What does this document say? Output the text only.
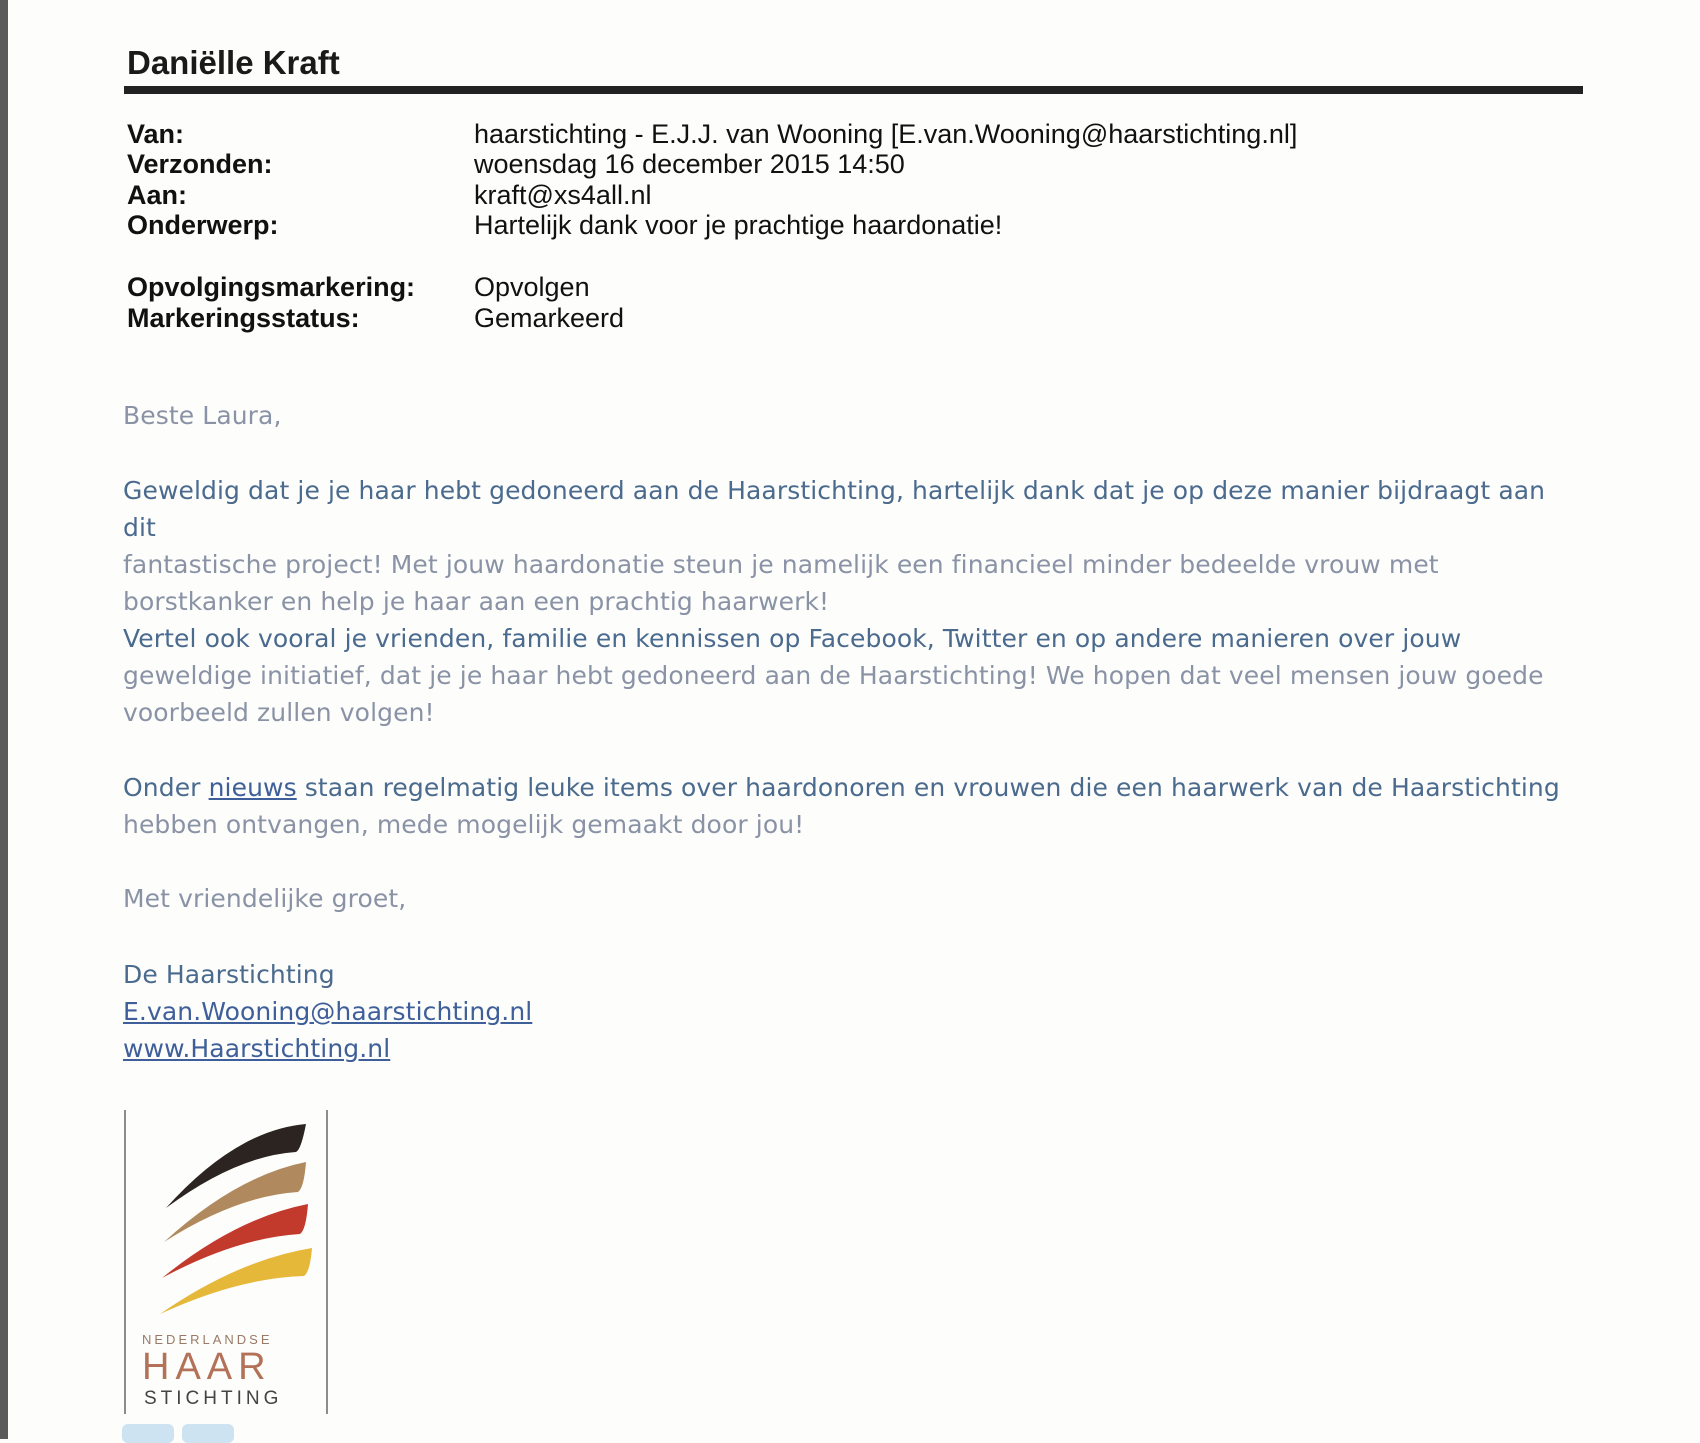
Daniëlle Kraft
Van:	haarstichting - E.J.J. van Wooning [E.van.Wooning@haarstichting.nl]
Verzonden:	woensdag 16 december 2015 14:50
Aan:	kraft@xs4all.nl
Onderwerp:	Hartelijk dank voor je prachtige haardonatie!
Opvolgingsmarkering: Opvolgen
Markeringsstatus:	Gemarkeerd

Beste Laura,

Geweldig dat je je haar hebt gedoneerd aan de Haarstichting, hartelijk dank dat je op deze manier bijdraagt aan dit
fantastische project! Met jouw haardonatie steun je namelijk een financieel minder bedeelde vrouw met
borstkanker en help je haar aan een prachtig haarwerk!

Vertel ook vooral je vrienden, familie en kennissen op Facebook, Twitter en op andere manieren over jouw
geweldige initiatief, dat je je haar hebt gedoneerd aan de Haarstichting! We hopen dat veel mensen jouw goede
voorbeeld zullen volgen!

Onder nieuws staan regelmatig leuke items over haardonoren en vrouwen die een haarwerk van de Haarstichting
hebben ontvangen, mede mogelijk gemaakt door jou!

Met vriendelijke groet,

De Haarstichting
E.van.Wooning@haarstichting.nl
www.Haarstichting.nl

NEDERLANDSE
HAAR
STICHTING
